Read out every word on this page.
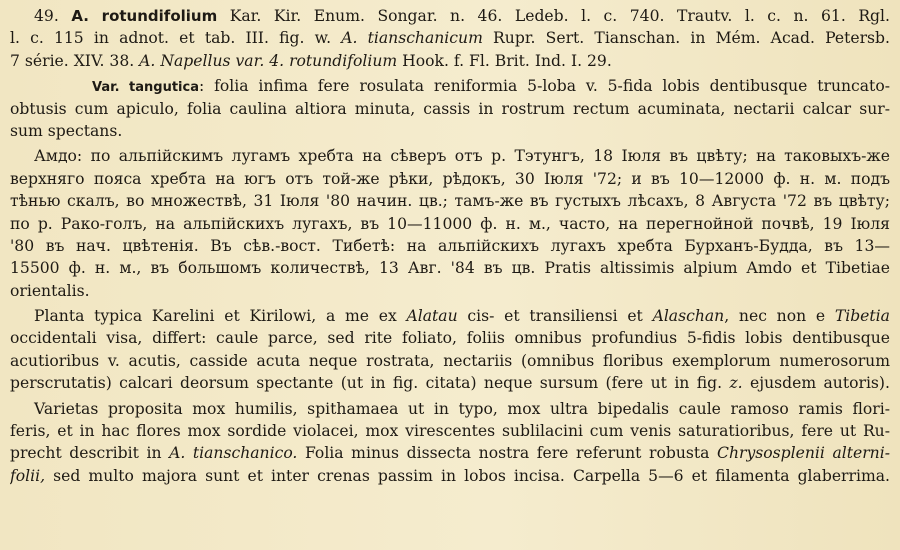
49. A. rotundifolium Kar. Kir. Enum. Songar. n. 46. Ledeb. l. c. 740. Trautv. l. c. n. 61. Rgl.
l. c. 115 in adnot. et tab. III. fig. w. A. tianschanicum Rupr. Sert. Tianschan. in Mém. Acad. Petersb.
7 série. XIV. 38. A. Napellus var. 4. rotundifolium Hook. f. Fl. Brit. Ind. I. 29.
Var. tangutica: folia infima fere rosulata reniformia 5-loba v. 5-fida lobis dentibusque truncato-
obtusis cum apiculo, folia caulina altiora minuta, cassis in rostrum rectum acuminata, nectarii calcar sur-
sum spectans.
Амдо: по альпійскимъ лугамъ хребта на сѣверъ отъ р. Тэтунгъ, 18 Іюля въ цвѣту; на таковыхъ-же
верхняго пояса хребта на югъ отъ той-же рѣки, рѣдокъ, 30 Іюля '72; и въ 10—12000 ф. н. м. подъ
тѣнью скалъ, во множествѣ, 31 Іюля '80 начин. цв.; тамъ-же въ густыхъ лѣсахъ, 8 Августа '72 въ цвѣту;
по р. Рако-голъ, на альпійскихъ лугахъ, въ 10—11000 ф. н. м., часто, на перегнойной почвѣ, 19 Іюля
'80 въ нач. цвѣтенія. Въ сѣв.-вост. Тибетѣ: на альпійскихъ лугахъ хребта Бурханъ-Будда, въ 13—
15500 ф. н. м., въ большомъ количествѣ, 13 Авг. '84 въ цв. Pratis altissimis alpium Amdo et Tibetiae
orientalis.
Planta typica Karelini et Kirilowi, a me ex Alatau cis- et transiliensi et Alaschan, nec non e Tibetia
occidentali visa, differt: caule parce, sed rite foliato, foliis omnibus profundius 5-fidis lobis dentibusque
acutioribus v. acutis, casside acuta neque rostrata, nectariis (omnibus floribus exemplorum numerosorum
perscrutatis) calcari deorsum spectante (ut in fig. citata) neque sursum (fere ut in fig. z. ejusdem autoris).
Varietas proposita mox humilis, spithamaea ut in typo, mox ultra bipedalis caule ramoso ramis flori-
feris, et in hac flores mox sordide violacei, mox virescentes sublilacini cum venis saturatioribus, fere ut Ru-
precht describit in A. tianschanico. Folia minus dissecta nostra fere referunt robusta Chrysosplenii alterni-
folii, sed multo majora sunt et inter crenas passim in lobos incisa. Carpella 5—6 et filamenta glaberrima.
